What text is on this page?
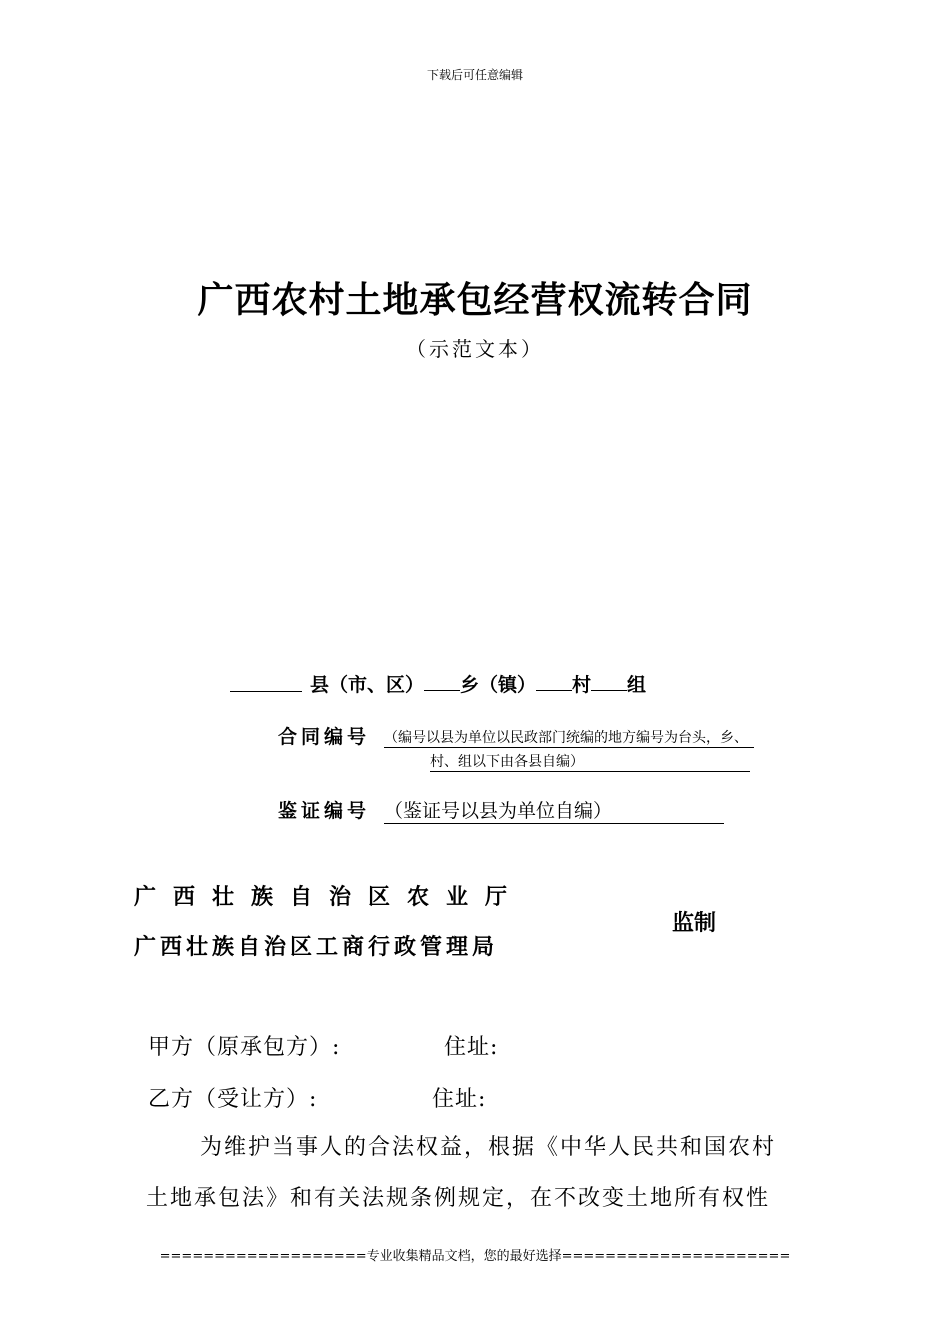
下载后可任意编辑
广西农村土地承包经营权流转合同
（示范文本）
县（市、区） 乡（镇） 村 组
合同编号 （编号以县为单位以民政部门统编的地方编号为台头，乡、
村、组以下由各县自编）
鉴证编号 （鉴证号以县为单位自编）
广西壮族自治区农业厅
广西壮族自治区工商行政管理局
监制
甲方（原承包方）:	住址:
乙方（受让方）:	住址:
为维护当事人的合法权益，根据《中华人民共和国农村
土地承包法》和有关法规条例规定，在不改变土地所有权性
===================专业收集精品文档，您的最好选择=====================
